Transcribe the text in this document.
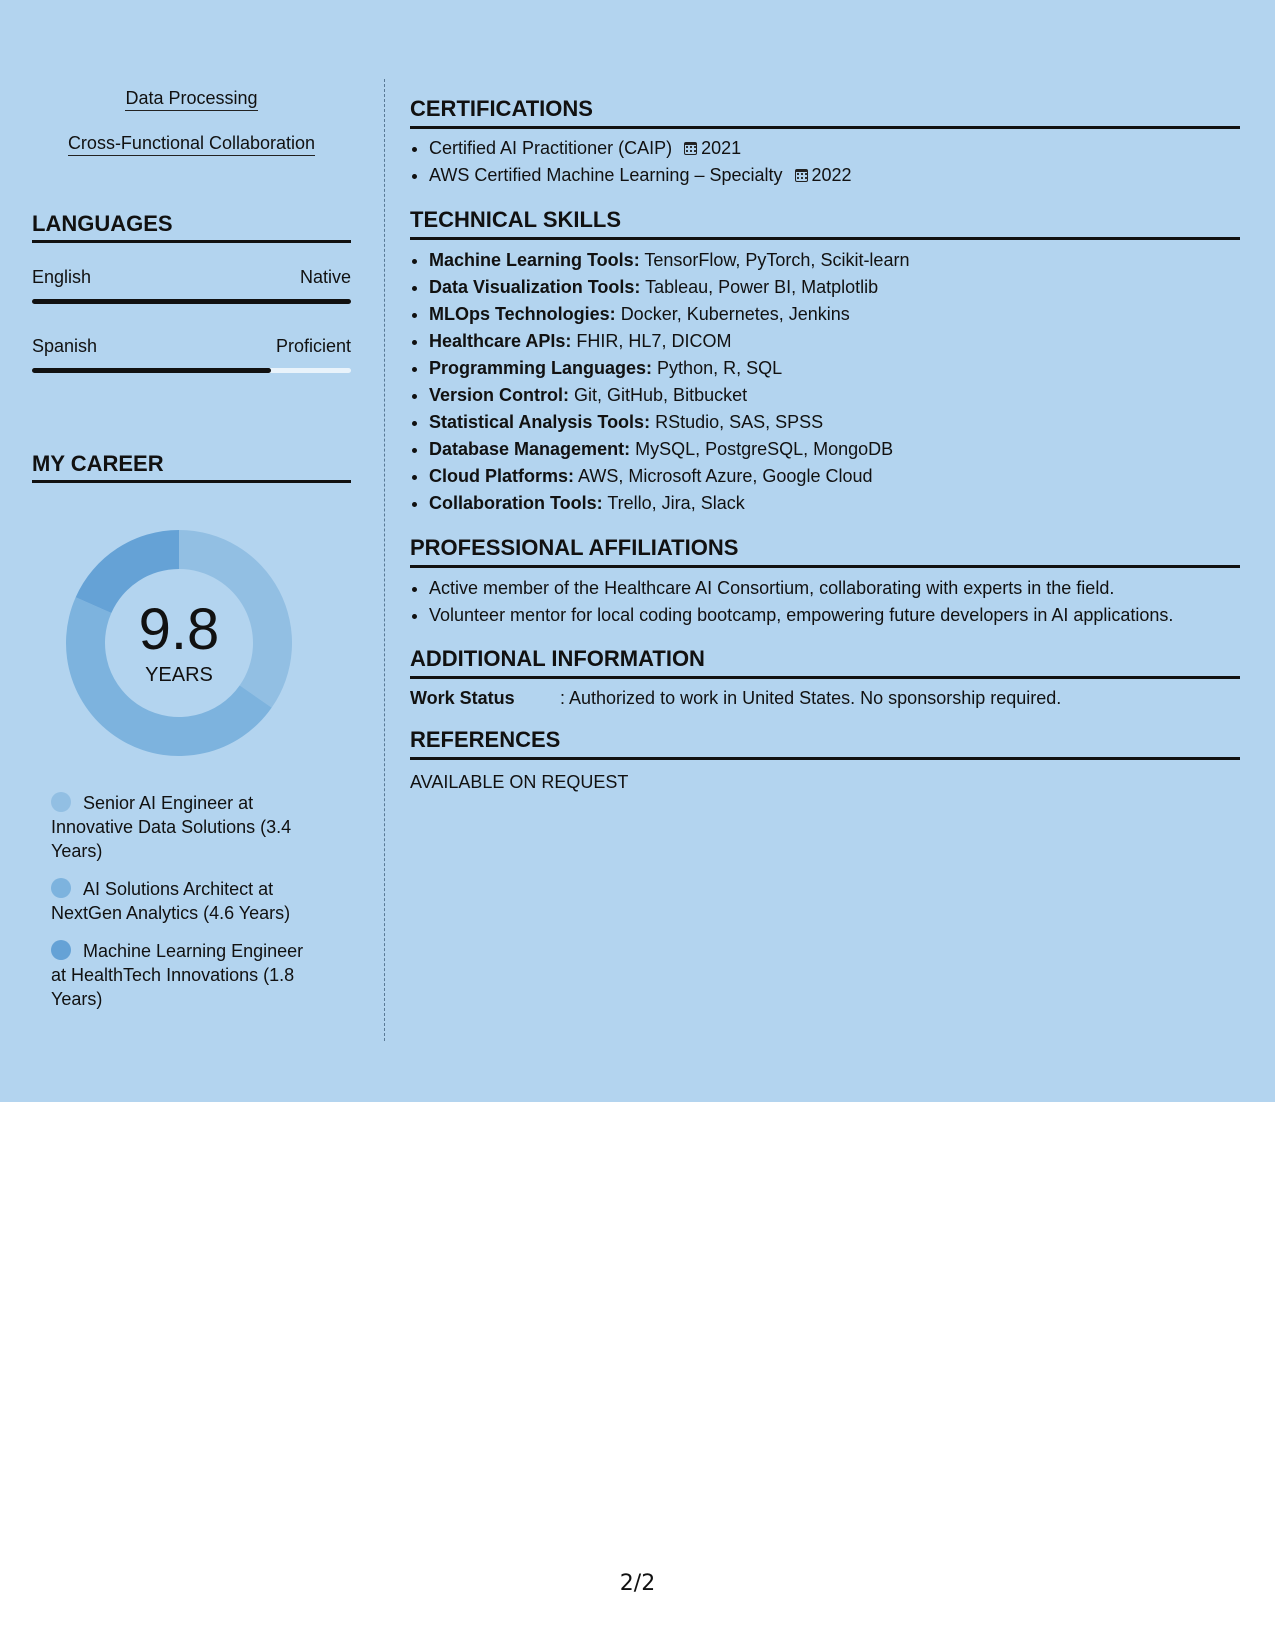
Data Processing
Cross-Functional Collaboration
LANGUAGES
English	Native
Spanish	Proficient
MY CAREER
9.8
YEARS
Senior AI Engineer at Innovative Data Solutions (3.4 Years)
AI Solutions Architect at NextGen Analytics (4.6 Years)
Machine Learning Engineer at HealthTech Innovations (1.8 Years)
CERTIFICATIONS
• Certified AI Practitioner (CAIP) 2021
• AWS Certified Machine Learning – Specialty 2022
TECHNICAL SKILLS
• Machine Learning Tools: TensorFlow, PyTorch, Scikit-learn
• Data Visualization Tools: Tableau, Power BI, Matplotlib
• MLOps Technologies: Docker, Kubernetes, Jenkins
• Healthcare APIs: FHIR, HL7, DICOM
• Programming Languages: Python, R, SQL
• Version Control: Git, GitHub, Bitbucket
• Statistical Analysis Tools: RStudio, SAS, SPSS
• Database Management: MySQL, PostgreSQL, MongoDB
• Cloud Platforms: AWS, Microsoft Azure, Google Cloud
• Collaboration Tools: Trello, Jira, Slack
PROFESSIONAL AFFILIATIONS
• Active member of the Healthcare AI Consortium, collaborating with experts in the field.
• Volunteer mentor for local coding bootcamp, empowering future developers in AI applications.
ADDITIONAL INFORMATION
Work Status	: Authorized to work in United States. No sponsorship required.
REFERENCES
AVAILABLE ON REQUEST
2/2
